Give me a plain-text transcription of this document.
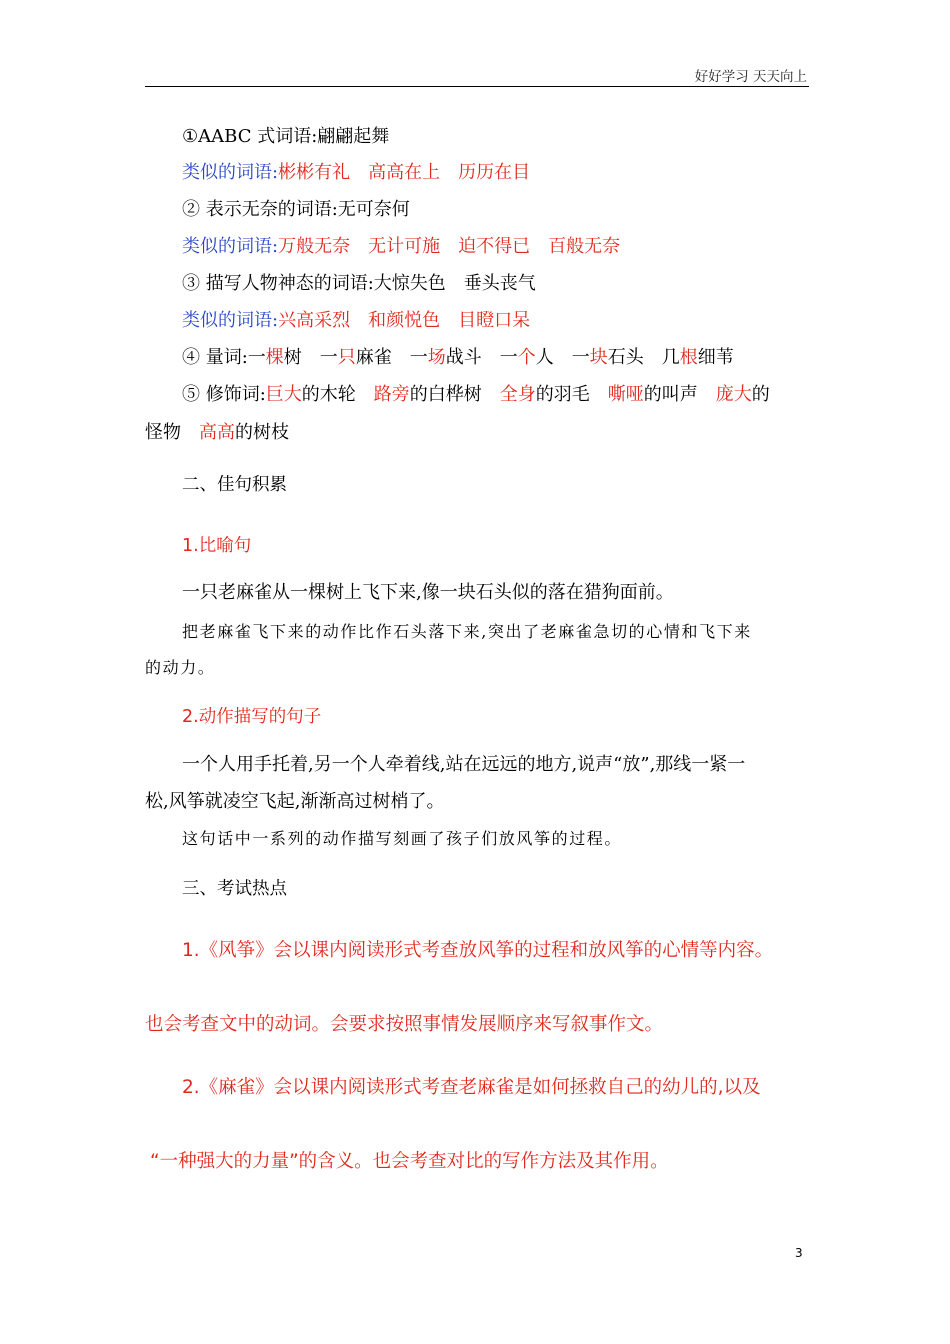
好好学习 天天向上
①AABC 式词语:翩翩起舞
类似的词语:彬彬有礼 高高在上 历历在目
② 表示无奈的词语:无可奈何
类似的词语:万般无奈 无计可施 迫不得已 百般无奈
③ 描写人物神态的词语:大惊失色 垂头丧气
类似的词语:兴高采烈 和颜悦色 目瞪口呆
④ 量词:一棵树 一只麻雀 一场战斗 一个人 一块石头 几根细苇
⑤ 修饰词:巨大的木轮 路旁的白桦树 全身的羽毛 嘶哑的叫声 庞大的
怪物 高高的树枝
二、佳句积累
1.比喻句
一只老麻雀从一棵树上飞下来,像一块石头似的落在猎狗面前。
把老麻雀飞下来的动作比作石头落下来,突出了老麻雀急切的心情和飞下来
的动力。
2.动作描写的句子
一个人用手托着,另一个人牵着线,站在远远的地方,说声“放”,那线一紧一
松,风筝就凌空飞起,渐渐高过树梢了。
这句话中一系列的动作描写刻画了孩子们放风筝的过程。
三、考试热点
1.《风筝》会以课内阅读形式考查放风筝的过程和放风筝的心情等内容。
也会考查文中的动词。会要求按照事情发展顺序来写叙事作文。
2.《麻雀》会以课内阅读形式考查老麻雀是如何拯救自己的幼儿的,以及
“一种强大的力量”的含义。也会考查对比的写作方法及其作用。
3
